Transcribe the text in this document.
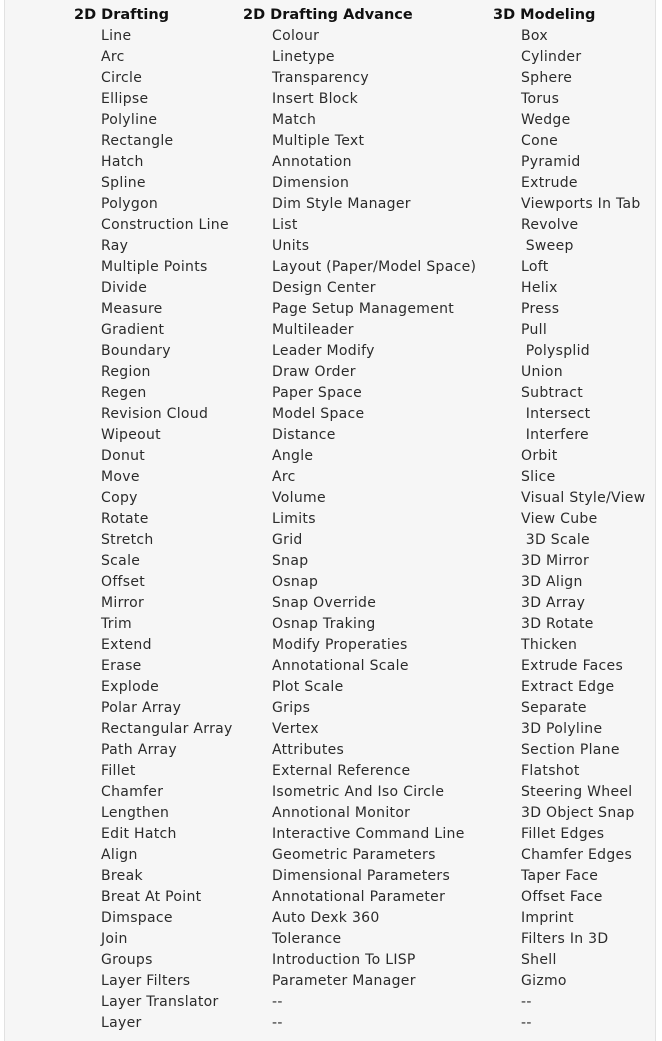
2D Drafting
Line
Arc
Circle
Ellipse
Polyline
Rectangle
Hatch
Spline
Polygon
Construction Line
Ray
Multiple Points
Divide
Measure
Gradient
Boundary
Region
Regen
Revision Cloud
Wipeout
Donut
Move
Copy
Rotate
Stretch
Scale
Offset
Mirror
Trim
Extend
Erase
Explode
Polar Array
Rectangular Array
Path Array
Fillet
Chamfer
Lengthen
Edit Hatch
Align
Break
Breat At Point
Dimspace
Join
Groups
Layer Filters
Layer Translator
Layer
2D Drafting Advance
Colour
Linetype
Transparency
Insert Block
Match
Multiple Text
Annotation
Dimension
Dim Style Manager
List
Units
Layout (Paper/Model Space)
Design Center
Page Setup Management
Multileader
Leader Modify
Draw Order
Paper Space
Model Space
Distance
Angle
Arc
Volume
Limits
Grid
Snap
Osnap
Snap Override
Osnap Traking
Modify Properaties
Annotational Scale
Plot Scale
Grips
Vertex
Attributes
External Reference
Isometric And Iso Circle
Annotional Monitor
Interactive Command Line
Geometric Parameters
Dimensional Parameters
Annotational Parameter
Auto Dexk 360
Tolerance
Introduction To LISP
Parameter Manager
--
--
3D Modeling
Box
Cylinder
Sphere
Torus
Wedge
Cone
Pyramid
Extrude
Viewports In Tab
Revolve
Sweep
Loft
Helix
Press
Pull
Polysplid
Union
Subtract
Intersect
Interfere
Orbit
Slice
Visual Style/View
View Cube
3D Scale
3D Mirror
3D Align
3D Array
3D Rotate
Thicken
Extrude Faces
Extract Edge
Separate
3D Polyline
Section Plane
Flatshot
Steering Wheel
3D Object Snap
Fillet Edges
Chamfer Edges
Taper Face
Offset Face
Imprint
Filters In 3D
Shell
Gizmo
--
--
